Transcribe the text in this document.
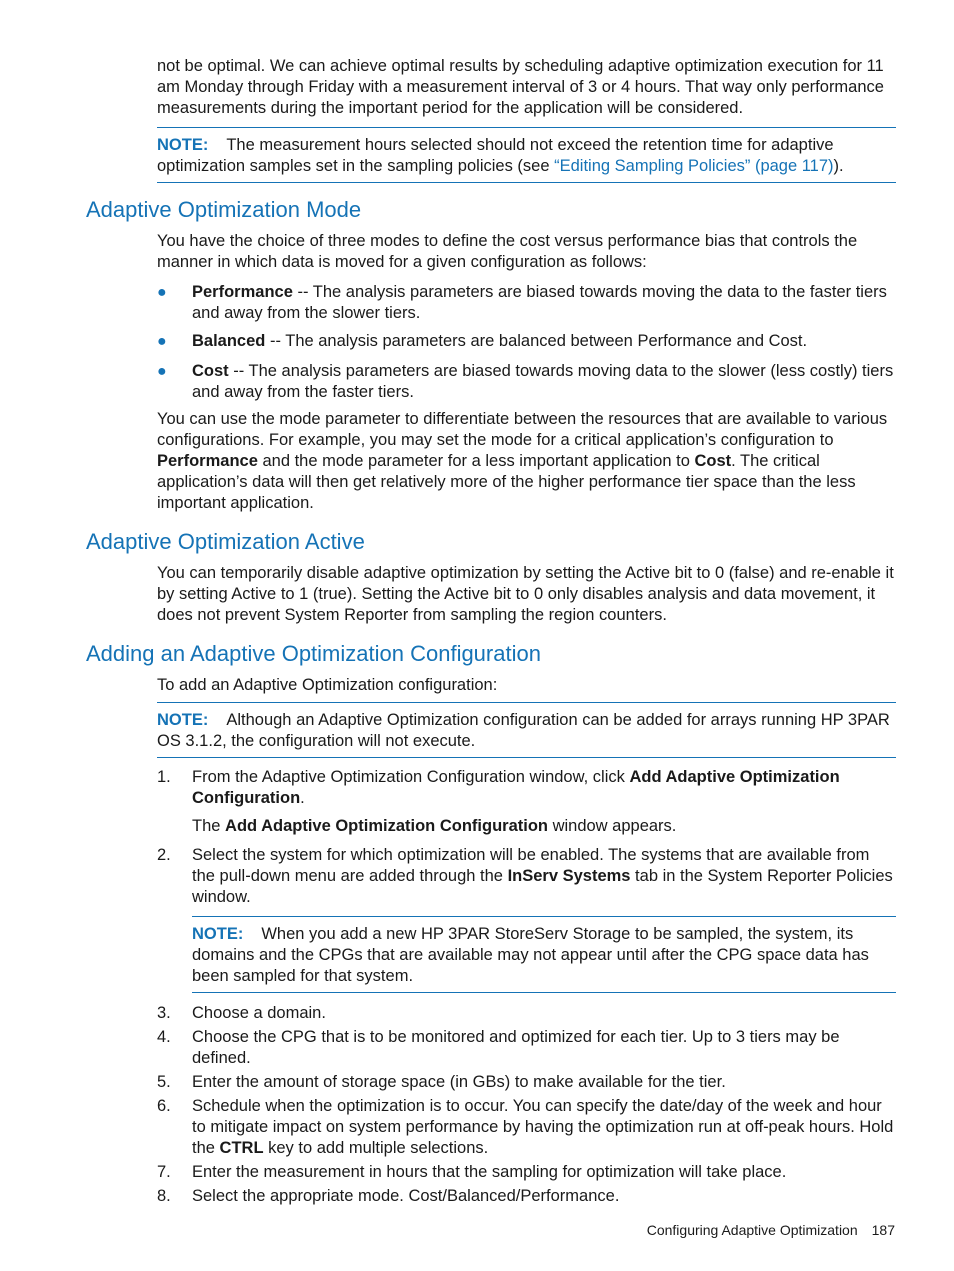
not be optimal. We can achieve optimal results by scheduling adaptive optimization execution for 11 am Monday through Friday with a measurement interval of 3 or 4 hours. That way only performance measurements during the important period for the application will be considered.

NOTE: The measurement hours selected should not exceed the retention time for adaptive optimization samples set in the sampling policies (see “Editing Sampling Policies” (page 117)).

Adaptive Optimization Mode

You have the choice of three modes to define the cost versus performance bias that controls the manner in which data is moved for a given configuration as follows:

● Performance -- The analysis parameters are biased towards moving the data to the faster tiers and away from the slower tiers.
● Balanced -- The analysis parameters are balanced between Performance and Cost.
● Cost -- The analysis parameters are biased towards moving data to the slower (less costly) tiers and away from the faster tiers.

You can use the mode parameter to differentiate between the resources that are available to various configurations. For example, you may set the mode for a critical application’s configuration to Performance and the mode parameter for a less important application to Cost. The critical application’s data will then get relatively more of the higher performance tier space than the less important application.

Adaptive Optimization Active

You can temporarily disable adaptive optimization by setting the Active bit to 0 (false) and re-enable it by setting Active to 1 (true). Setting the Active bit to 0 only disables analysis and data movement, it does not prevent System Reporter from sampling the region counters.

Adding an Adaptive Optimization Configuration

To add an Adaptive Optimization configuration:

NOTE: Although an Adaptive Optimization configuration can be added for arrays running HP 3PAR OS 3.1.2, the configuration will not execute.

1. From the Adaptive Optimization Configuration window, click Add Adaptive Optimization Configuration.

The Add Adaptive Optimization Configuration window appears.

2. Select the system for which optimization will be enabled. The systems that are available from the pull-down menu are added through the InServ Systems tab in the System Reporter Policies window.

NOTE: When you add a new HP 3PAR StoreServ Storage to be sampled, the system, its domains and the CPGs that are available may not appear until after the CPG space data has been sampled for that system.

3. Choose a domain.

4. Choose the CPG that is to be monitored and optimized for each tier. Up to 3 tiers may be defined.

5. Enter the amount of storage space (in GBs) to make available for the tier.

6. Schedule when the optimization is to occur. You can specify the date/day of the week and hour to mitigate impact on system performance by having the optimization run at off-peak hours. Hold the CTRL key to add multiple selections.

7. Enter the measurement in hours that the sampling for optimization will take place.

8. Select the appropriate mode. Cost/Balanced/Performance.

Configuring Adaptive Optimization 187
